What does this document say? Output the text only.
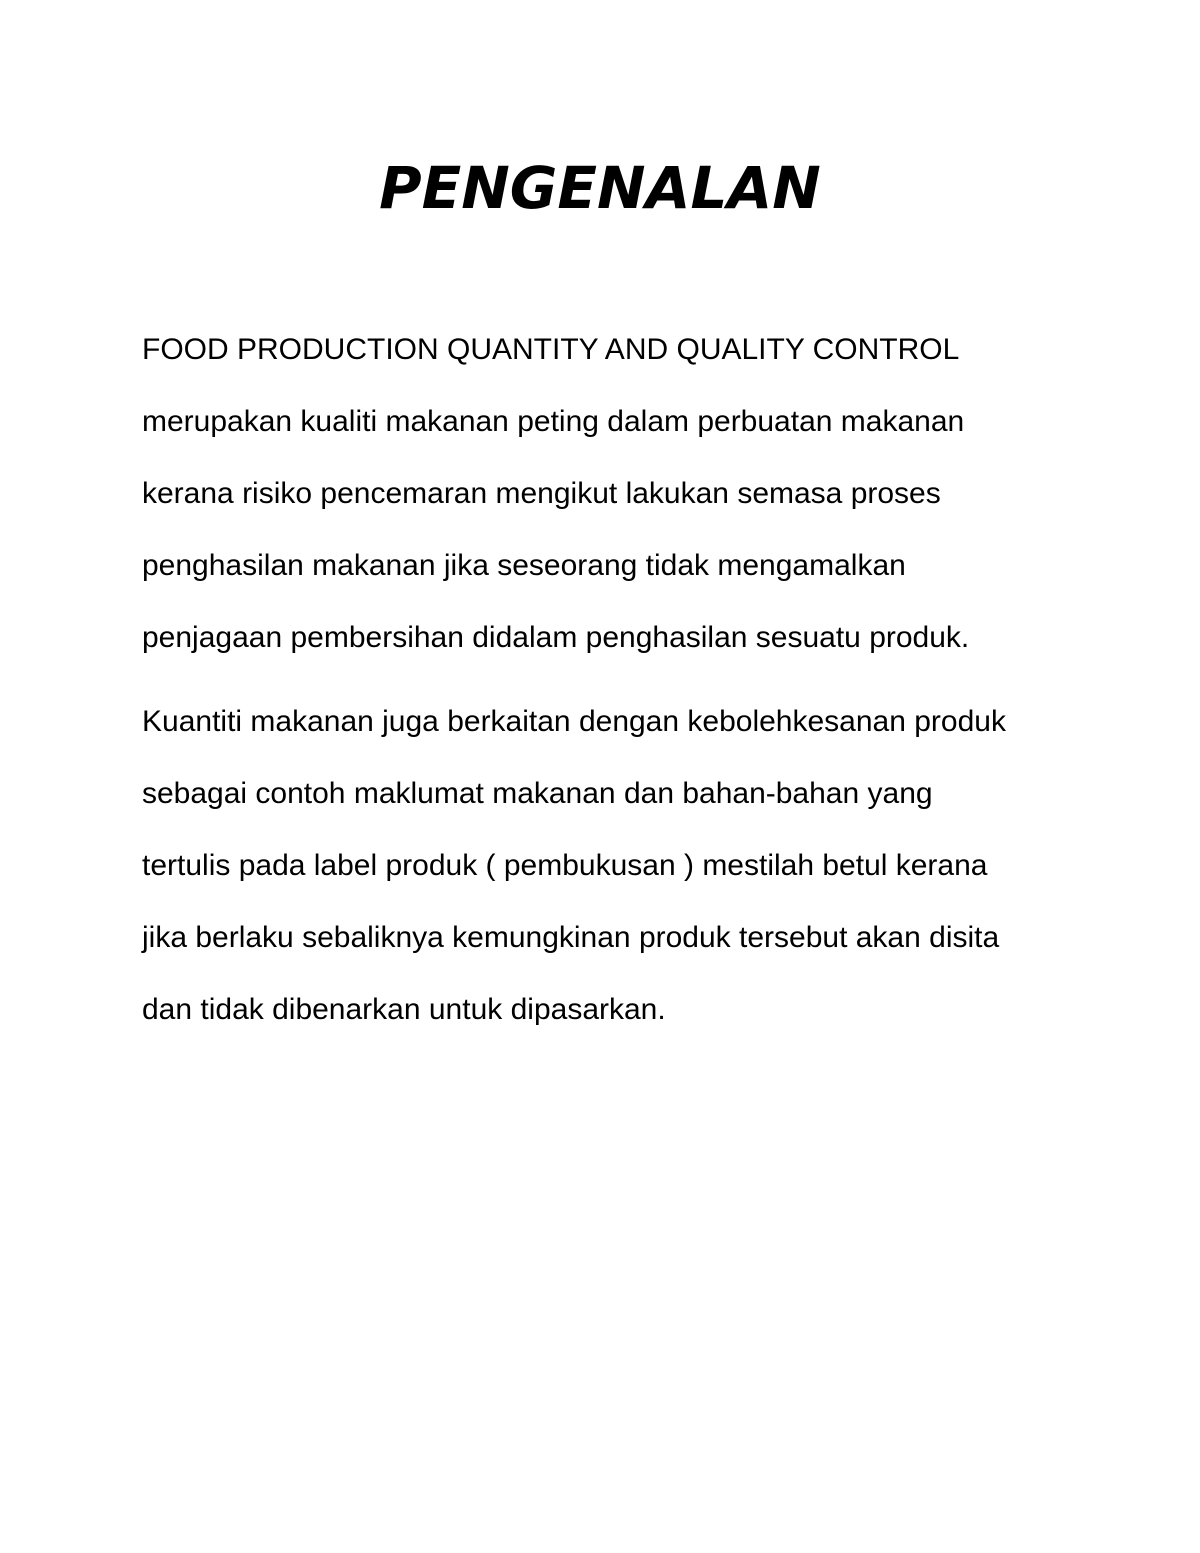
PENGENALAN

FOOD PRODUCTION QUANTITY AND QUALITY CONTROL
merupakan kualiti makanan peting dalam perbuatan makanan
kerana risiko pencemaran mengikut lakukan semasa proses
penghasilan makanan jika seseorang tidak mengamalkan
penjagaan pembersihan didalam penghasilan sesuatu produk.

Kuantiti makanan juga berkaitan dengan kebolehkesanan produk
sebagai contoh maklumat makanan dan bahan-bahan yang
tertulis pada label produk ( pembukusan ) mestilah betul kerana
jika berlaku sebaliknya kemungkinan produk tersebut akan disita
dan tidak dibenarkan untuk dipasarkan.
